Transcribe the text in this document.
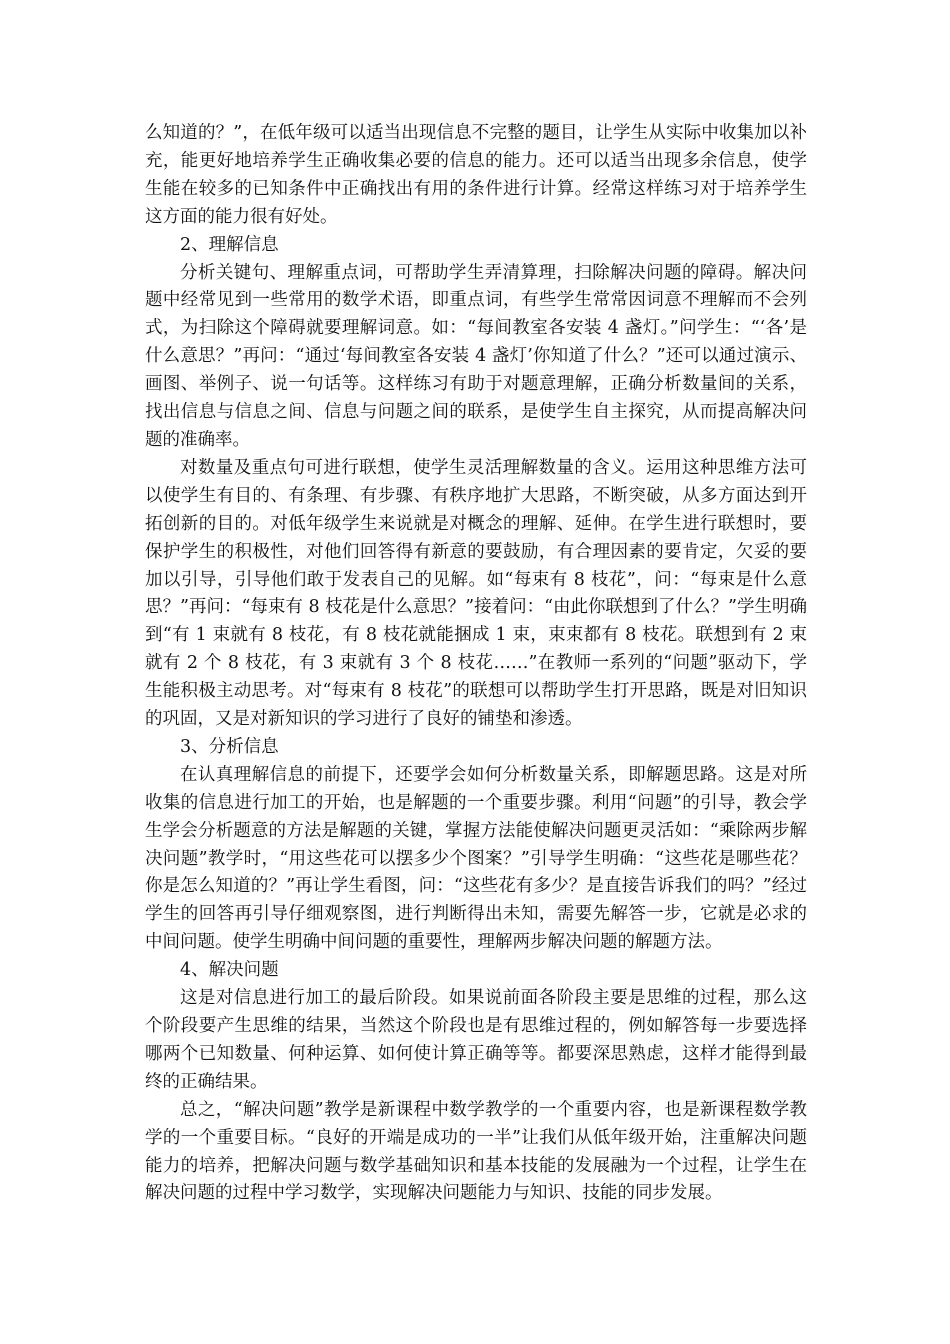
么知道的？”，在低年级可以适当出现信息不完整的题目，让学生从实际中收集加以补充，能更好地培养学生正确收集必要的信息的能力。还可以适当出现多余信息，使学生能在较多的已知条件中正确找出有用的条件进行计算。经常这样练习对于培养学生这方面的能力很有好处。

2、理解信息

分析关键句、理解重点词，可帮助学生弄清算理，扫除解决问题的障碍。解决问题中经常见到一些常用的数学术语，即重点词，有些学生常常因词意不理解而不会列式，为扫除这个障碍就要理解词意。如：“每间教室各安装 4 盏灯。”问学生：“‘各’是什么意思？”再问：“通过‘每间教室各安装 4 盏灯’你知道了什么？”还可以通过演示、画图、举例子、说一句话等。这样练习有助于对题意理解，正确分析数量间的关系，找出信息与信息之间、信息与问题之间的联系，是使学生自主探究，从而提高解决问题的准确率。

对数量及重点句可进行联想，使学生灵活理解数量的含义。运用这种思维方法可以使学生有目的、有条理、有步骤、有秩序地扩大思路，不断突破，从多方面达到开拓创新的目的。对低年级学生来说就是对概念的理解、延伸。在学生进行联想时，要保护学生的积极性，对他们回答得有新意的要鼓励，有合理因素的要肯定，欠妥的要加以引导，引导他们敢于发表自己的见解。如“每束有 8 枝花”，问：“每束是什么意思？”再问：“每束有 8 枝花是什么意思？”接着问：“由此你联想到了什么？”学生明确到“有 1 束就有 8 枝花，有 8 枝花就能捆成 1 束，束束都有 8 枝花。联想到有 2 束就有 2 个 8 枝花，有 3 束就有 3 个 8 枝花……”在教师一系列的“问题”驱动下，学生能积极主动思考。对“每束有 8 枝花”的联想可以帮助学生打开思路，既是对旧知识的巩固，又是对新知识的学习进行了良好的铺垫和渗透。

3、分析信息

在认真理解信息的前提下，还要学会如何分析数量关系，即解题思路。这是对所收集的信息进行加工的开始，也是解题的一个重要步骤。利用“问题”的引导，教会学生学会分析题意的方法是解题的关键，掌握方法能使解决问题更灵活如：“乘除两步解决问题”教学时，“用这些花可以摆多少个图案？”引导学生明确：“这些花是哪些花？你是怎么知道的？”再让学生看图，问：“这些花有多少？是直接告诉我们的吗？”经过学生的回答再引导仔细观察图，进行判断得出未知，需要先解答一步，它就是必求的中间问题。使学生明确中间问题的重要性，理解两步解决问题的解题方法。

4、解决问题

这是对信息进行加工的最后阶段。如果说前面各阶段主要是思维的过程，那么这个阶段要产生思维的结果，当然这个阶段也是有思维过程的，例如解答每一步要选择哪两个已知数量、何种运算、如何使计算正确等等。都要深思熟虑，这样才能得到最终的正确结果。

总之，“解决问题”教学是新课程中数学教学的一个重要内容，也是新课程数学教学的一个重要目标。“良好的开端是成功的一半”让我们从低年级开始，注重解决问题能力的培养，把解决问题与数学基础知识和基本技能的发展融为一个过程，让学生在解决问题的过程中学习数学，实现解决问题能力与知识、技能的同步发展。
